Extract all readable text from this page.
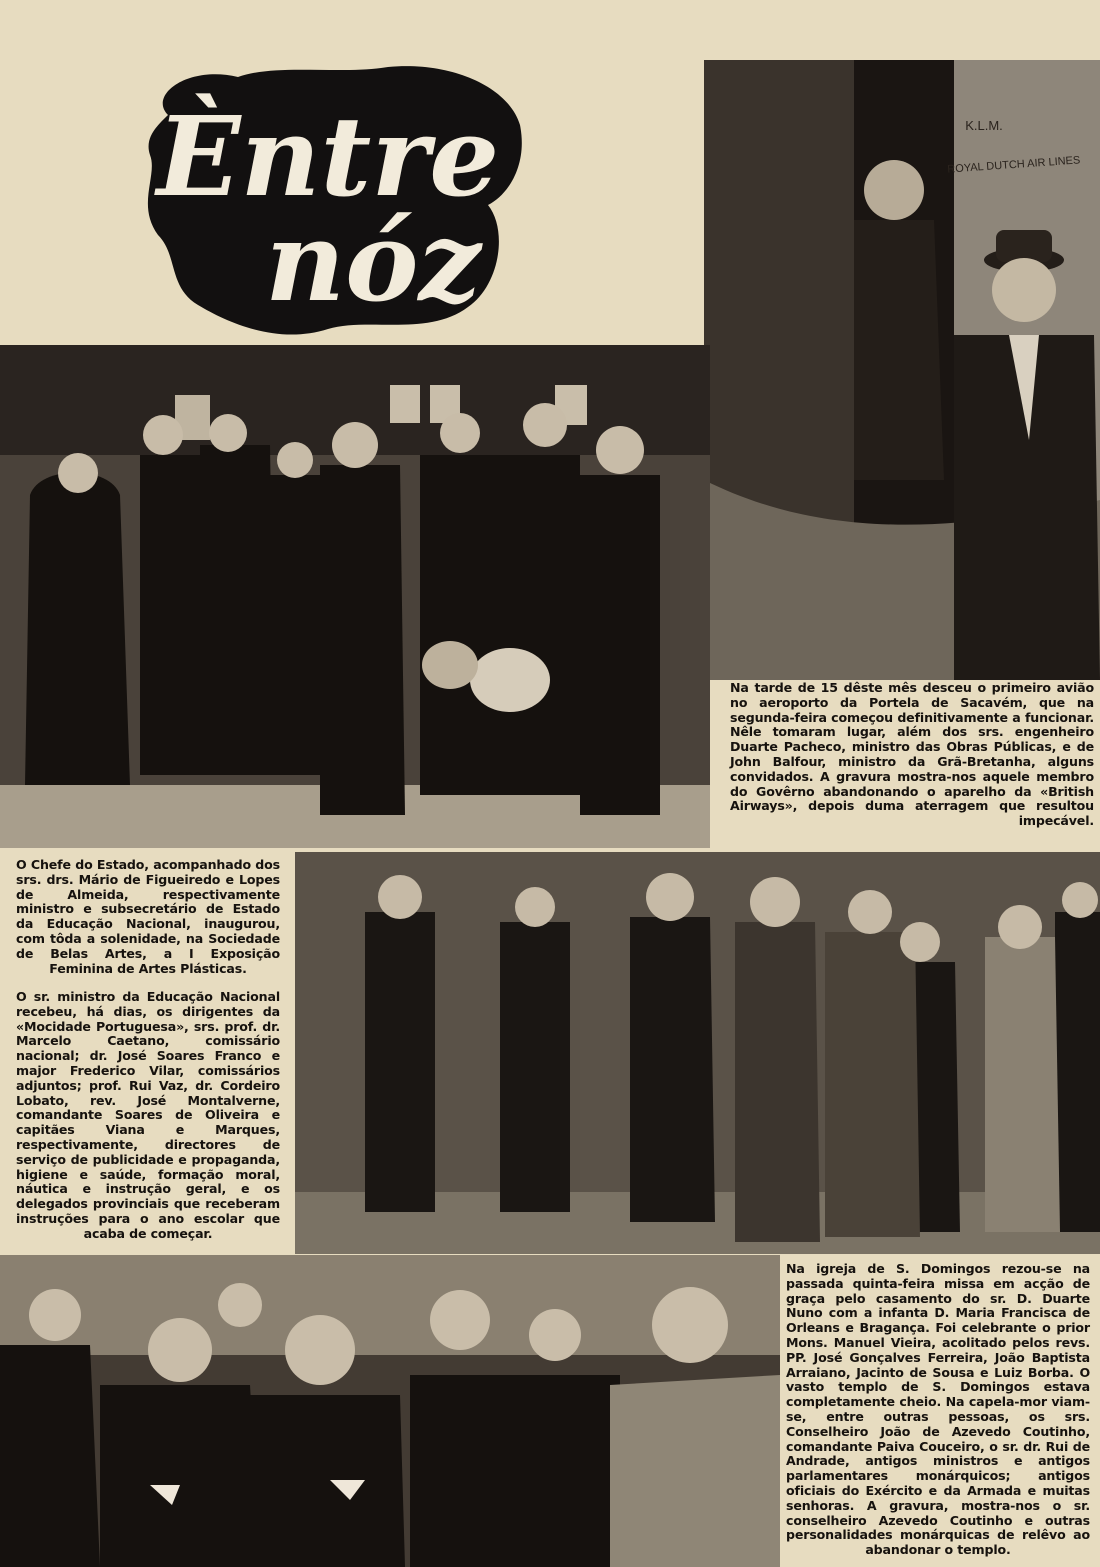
Èntre
nóz
K.L.M.
ROYAL DUTCH AIR LINES
Na tarde de 15 dêste mês desceu o primeiro avião no aeroporto da Portela de Sacavém, que na segunda-feira começou definitivamente a funcionar. Nêle tomaram lugar, além dos srs. engenheiro Duarte Pacheco, ministro das Obras Públicas, e de John Balfour, ministro da Grã-Bretanha, alguns convidados. A gravura mostra-nos aquele membro do Govêrno abandonando o aparelho da «British Airways», depois duma aterragem que resultou impecável.
O Chefe do Estado, acompanhado dos srs. drs. Mário de Figueiredo e Lopes de Almeida, respectivamente ministro e subsecretário de Estado da Educação Nacional, inaugurou, com tôda a solenidade, na Sociedade de Belas Artes, a I Exposição Feminina de Artes Plásticas.
O sr. ministro da Educação Nacional recebeu, há dias, os dirigentes da «Mocidade Portuguesa», srs. prof. dr. Marcelo Caetano, comissário nacional; dr. José Soares Franco e major Frederico Vilar, comissários adjuntos; prof. Rui Vaz, dr. Cordeiro Lobato, rev. José Montalverne, comandante Soares de Oliveira e capitães Viana e Marques, respectivamente, directores de serviço de publicidade e propaganda, higiene e saúde, formação moral, náutica e instrução geral, e os delegados provinciais que receberam instruções para o ano escolar que acaba de começar.
Na igreja de S. Domingos rezou-se na passada quinta-feira missa em acção de graça pelo casamento do sr. D. Duarte Nuno com a infanta D. Maria Francisca de Orleans e Bragança. Foi celebrante o prior Mons. Manuel Vieira, acolitado pelos revs. PP. José Gonçalves Ferreira, João Baptista Arraiano, Jacinto de Sousa e Luiz Borba. O vasto templo de S. Domingos estava completamente cheio. Na capela-mor viam-se, entre outras pessoas, os srs. Conselheiro João de Azevedo Coutinho, comandante Paiva Couceiro, o sr. dr. Rui de Andrade, antigos ministros e antigos parlamentares monárquicos; antigos oficiais do Exército e da Armada e muitas senhoras. A gravura, mostra-nos o sr. conselheiro Azevedo Coutinho e outras personalidades monárquicas de relêvo ao abandonar o templo.
